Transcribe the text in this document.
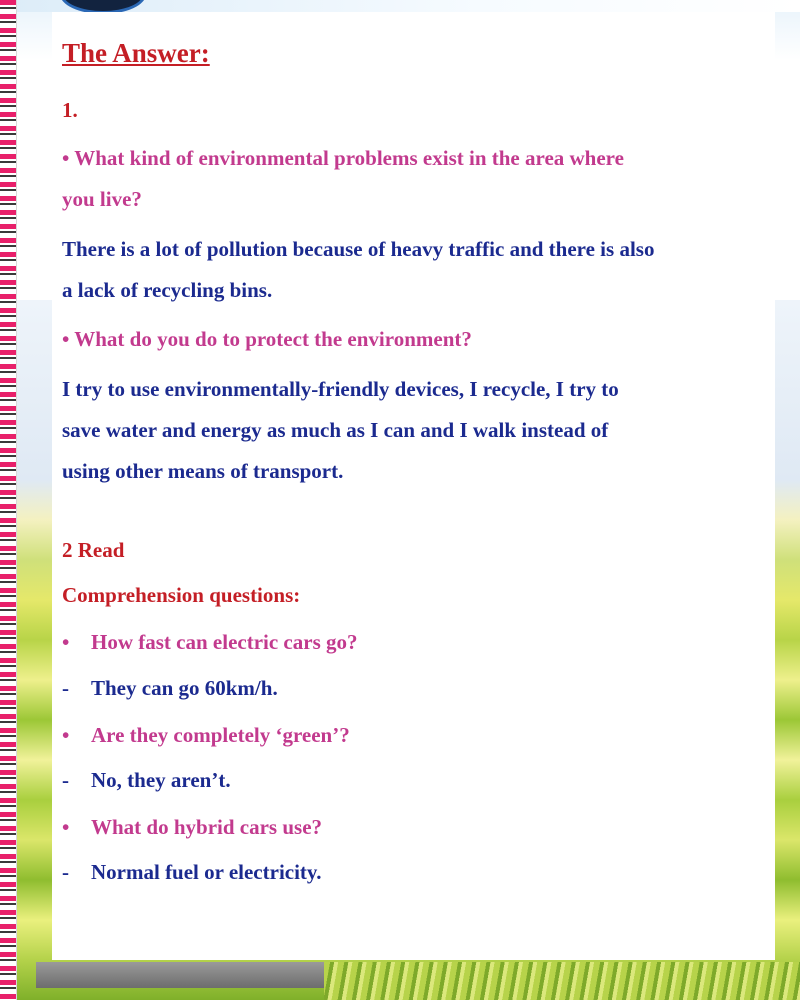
The Answer:
1.
• What kind of environmental problems exist in the area where
you live?
There is a lot of pollution because of heavy traffic and there is also
a lack of recycling bins.
• What do you do to protect the environment?
I try to use environmentally-friendly devices, I recycle, I try to
save water and energy as much as I can and I walk instead of
using other means of transport.
2 Read
Comprehension questions:
• How fast can electric cars go?
- They can go 60km/h.
• Are they completely ‘green’?
- No, they aren’t.
• What do hybrid cars use?
- Normal fuel or electricity.
